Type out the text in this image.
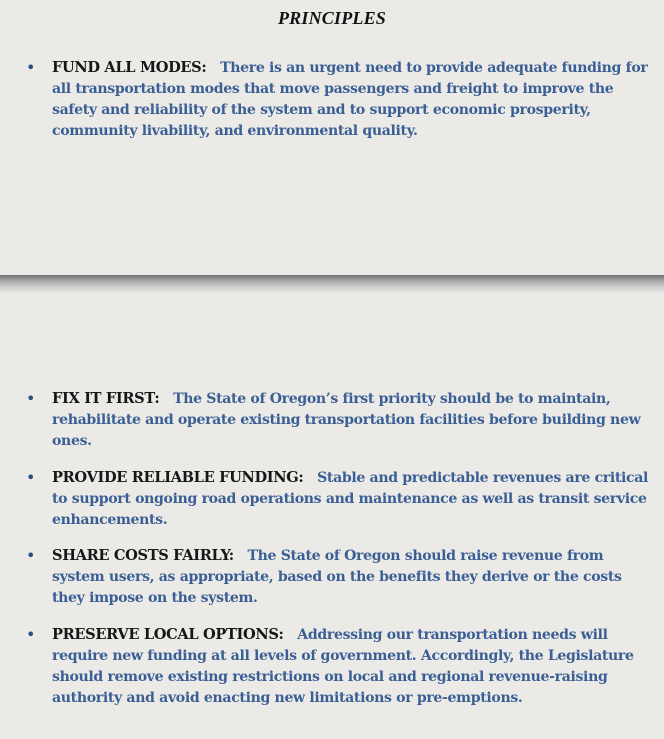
PRINCIPLES
•	FUND ALL MODES: There is an urgent need to provide adequate funding for all transportation modes that move passengers and freight to improve the safety and reliability of the system and to support economic prosperity, community livability, and environmental quality.
•	FIX IT FIRST: The State of Oregon’s first priority should be to maintain, rehabilitate and operate existing transportation facilities before building new ones.
•	PROVIDE RELIABLE FUNDING: Stable and predictable revenues are critical to support ongoing road operations and maintenance as well as transit service enhancements.
•	SHARE COSTS FAIRLY: The State of Oregon should raise revenue from system users, as appropriate, based on the benefits they derive or the costs they impose on the system.
•	PRESERVE LOCAL OPTIONS: Addressing our transportation needs will require new funding at all levels of government. Accordingly, the Legislature should remove existing restrictions on local and regional revenue-raising authority and avoid enacting new limitations or pre-emptions.
